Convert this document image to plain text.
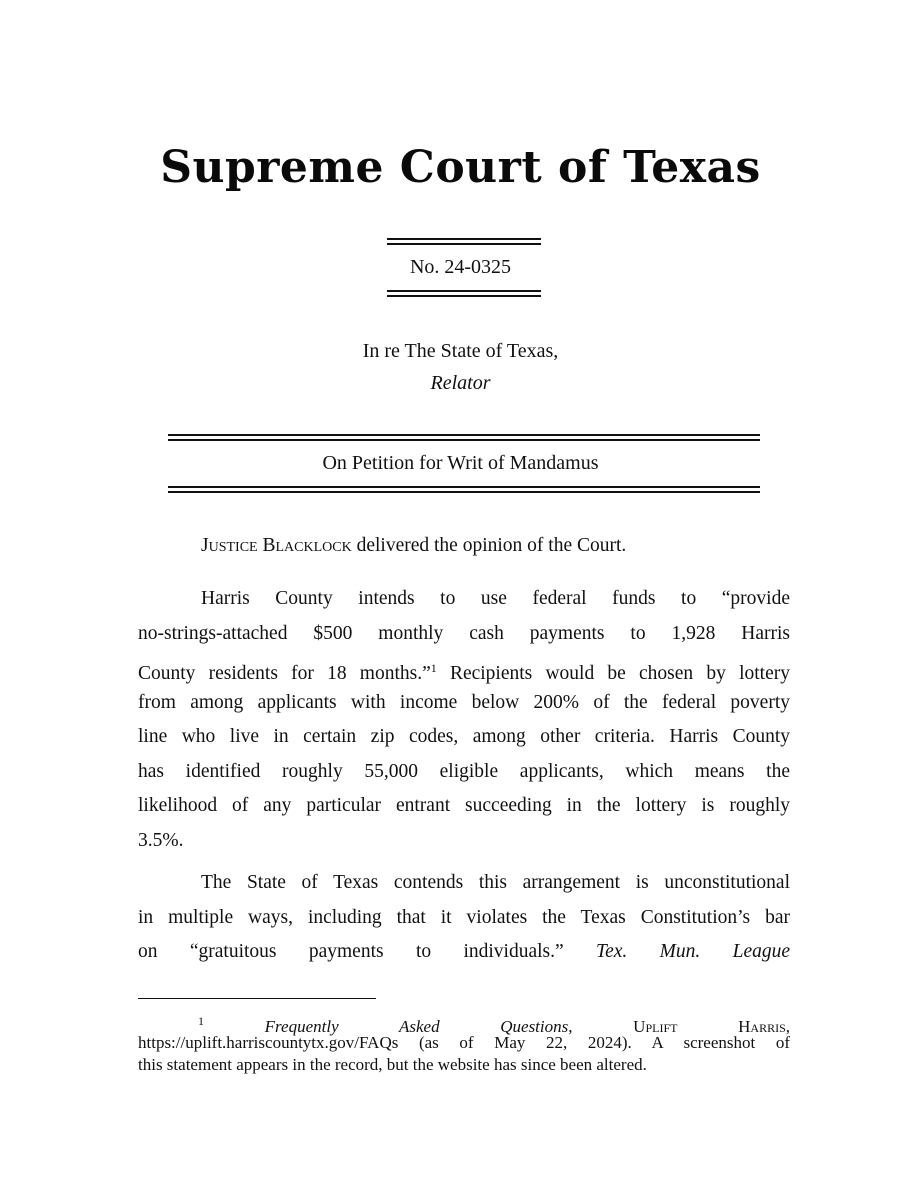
Supreme Court of Texas
No. 24-0325
In re The State of Texas,
Relator
On Petition for Writ of Mandamus
Justice Blacklock delivered the opinion of the Court.
Harris County intends to use federal funds to “provide
no-strings-attached $500 monthly cash payments to 1,928 Harris
County residents for 18 months.”$^1$ Recipients would be chosen by lottery
from among applicants with income below 200% of the federal poverty
line who live in certain zip codes, among other criteria. Harris County
has identified roughly 55,000 eligible applicants, which means the
likelihood of any particular entrant succeeding in the lottery is roughly
3.5%.
The State of Texas contends this arrangement is unconstitutional
in multiple ways, including that it violates the Texas Constitution’s bar
on “gratuitous payments to individuals.” Tex. Mun. League
$^1$	Frequently Asked Questions, Uplift Harris,
https://uplift.harriscountytx.gov/FAQs (as of May 22, 2024). A screenshot of
this statement appears in the record, but the website has since been altered.
